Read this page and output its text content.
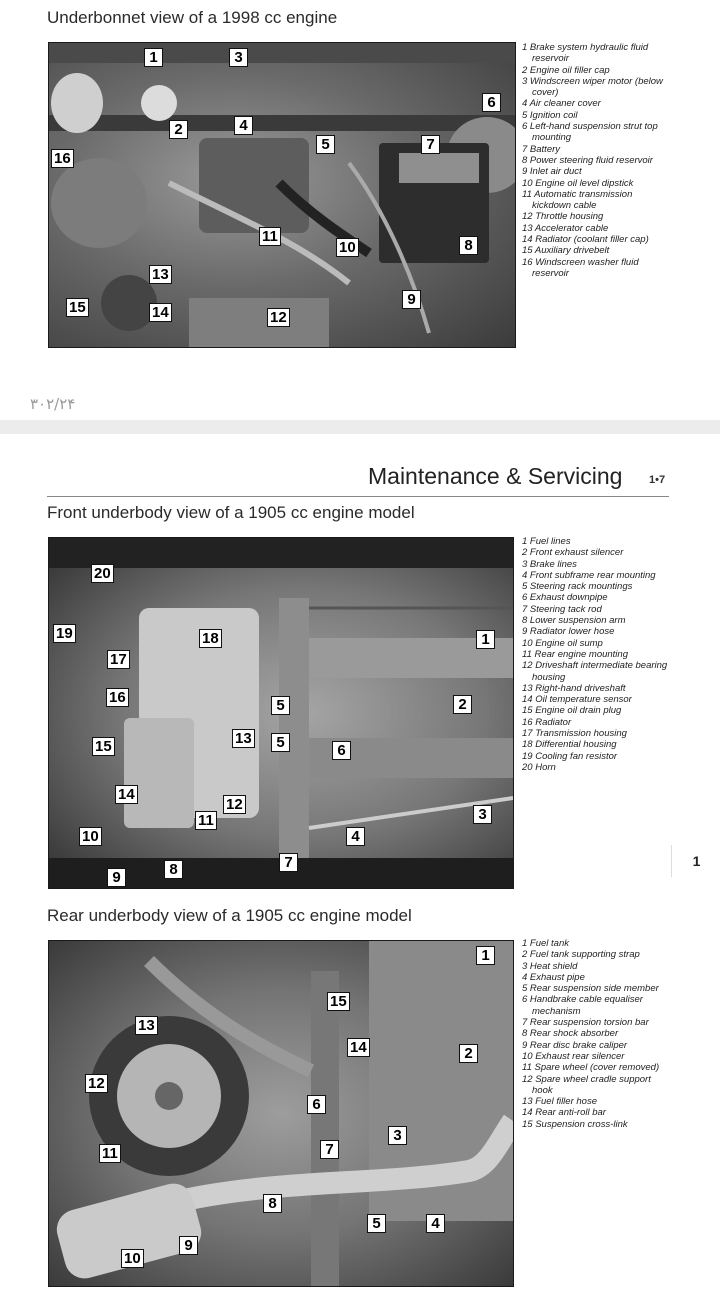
Underbonnet view of a 1998 cc engine
1
2
3
4
5
6
7
8
9
10
11
12
13
14
15
16
1 Brake system hydraulic fluid reservoir
2 Engine oil filler cap
3 Windscreen wiper motor (below cover)
4 Air cleaner cover
5 Ignition coil
6 Left-hand suspension strut top mounting
7 Battery
8 Power steering fluid reservoir
9 Inlet air duct
10 Engine oil level dipstick
11 Automatic transmission kickdown cable
12 Throttle housing
13 Accelerator cable
14 Radiator (coolant filler cap)
15 Auxiliary drivebelt
16 Windscreen washer fluid reservoir
۳۰۲/۲۴
Maintenance & Servicing 1•7
Front underbody view of a 1905 cc engine model
1
2
3
4
5
5	6
7
8
9
10
11
12
13
14
15
16
17
18
19
20
1 Fuel lines
2 Front exhaust silencer
3 Brake lines
4 Front subframe rear mounting
5 Steering rack mountings
6 Exhaust downpipe
7 Steering tack rod
8 Lower suspension arm
9 Radiator lower hose
10 Engine oil sump
11 Rear engine mounting
12 Driveshaft intermediate bearing housing
13 Right-hand driveshaft
14 Oil temperature sensor
15 Engine oil drain plug
16 Radiator
17 Transmission housing
18 Differential housing
19 Cooling fan resistor
20 Horn
1
Rear underbody view of a 1905 cc engine model
1
2
3
4
5
6
7
8
9
10
11
12
13
14
15
1 Fuel tank
2 Fuel tank supporting strap
3 Heat shield
4 Exhaust pipe
5 Rear suspension side member
6 Handbrake cable equaliser mechanism
7 Rear suspension torsion bar
8 Rear shock absorber
9 Rear disc brake caliper
10 Exhaust rear silencer
11 Spare wheel (cover removed)
12 Spare wheel cradle support hook
13 Fuel filler hose
14 Rear anti-roll bar
15 Suspension cross-link
